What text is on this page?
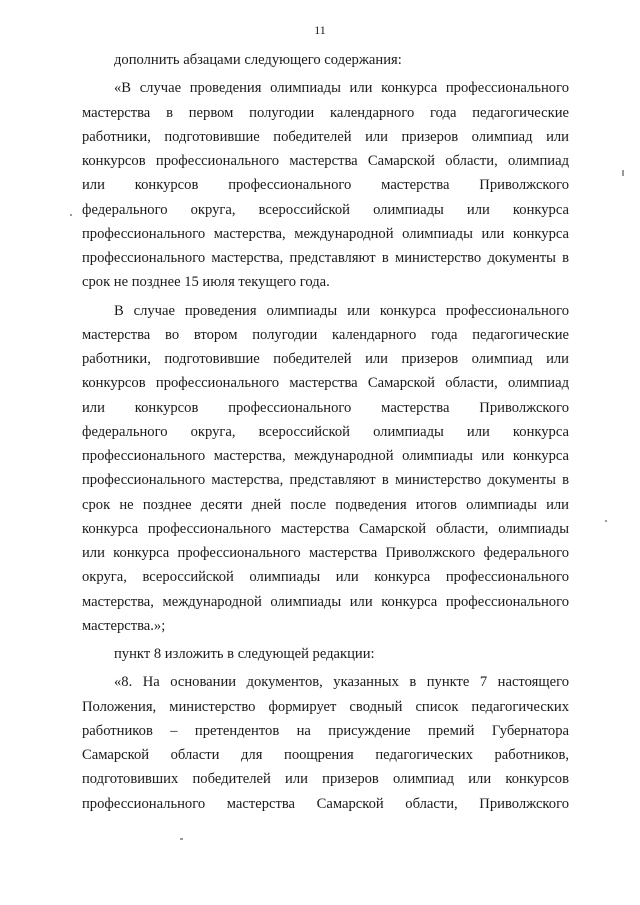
11
дополнить абзацами следующего содержания:
«В случае проведения олимпиады или конкурса профессионального
мастерства в первом полугодии календарного года педагогические
работники, подготовившие победителей или призеров олимпиад или
конкурсов профессионального мастерства Самарской области, олимпиад
или конкурсов профессионального мастерства Приволжского
федерального округа, всероссийской олимпиады или конкурса
профессионального мастерства, международной олимпиады или конкурса
профессионального мастерства, представляют в министерство документы в
срок не позднее 15 июля текущего года.
В случае проведения олимпиады или конкурса профессионального
мастерства во втором полугодии календарного года педагогические
работники, подготовившие победителей или призеров олимпиад или
конкурсов профессионального мастерства Самарской области, олимпиад
или конкурсов профессионального мастерства Приволжского
федерального округа, всероссийской олимпиады или конкурса
профессионального мастерства, международной олимпиады или конкурса
профессионального мастерства, представляют в министерство документы в
срок не позднее десяти дней после подведения итогов олимпиады или
конкурса профессионального мастерства Самарской области, олимпиады
или конкурса профессионального мастерства Приволжского федерального
округа, всероссийской олимпиады или конкурса профессионального
мастерства, международной олимпиады или конкурса профессионального
мастерства.»;
пункт 8 изложить в следующей редакции:
«8. На основании документов, указанных в пункте 7 настоящего
Положения, министерство формирует сводный список педагогических
работников – претендентов на присуждение премий Губернатора
Самарской области для поощрения педагогических работников,
подготовивших победителей или призеров олимпиад или конкурсов
профессионального мастерства Самарской области, Приволжского
